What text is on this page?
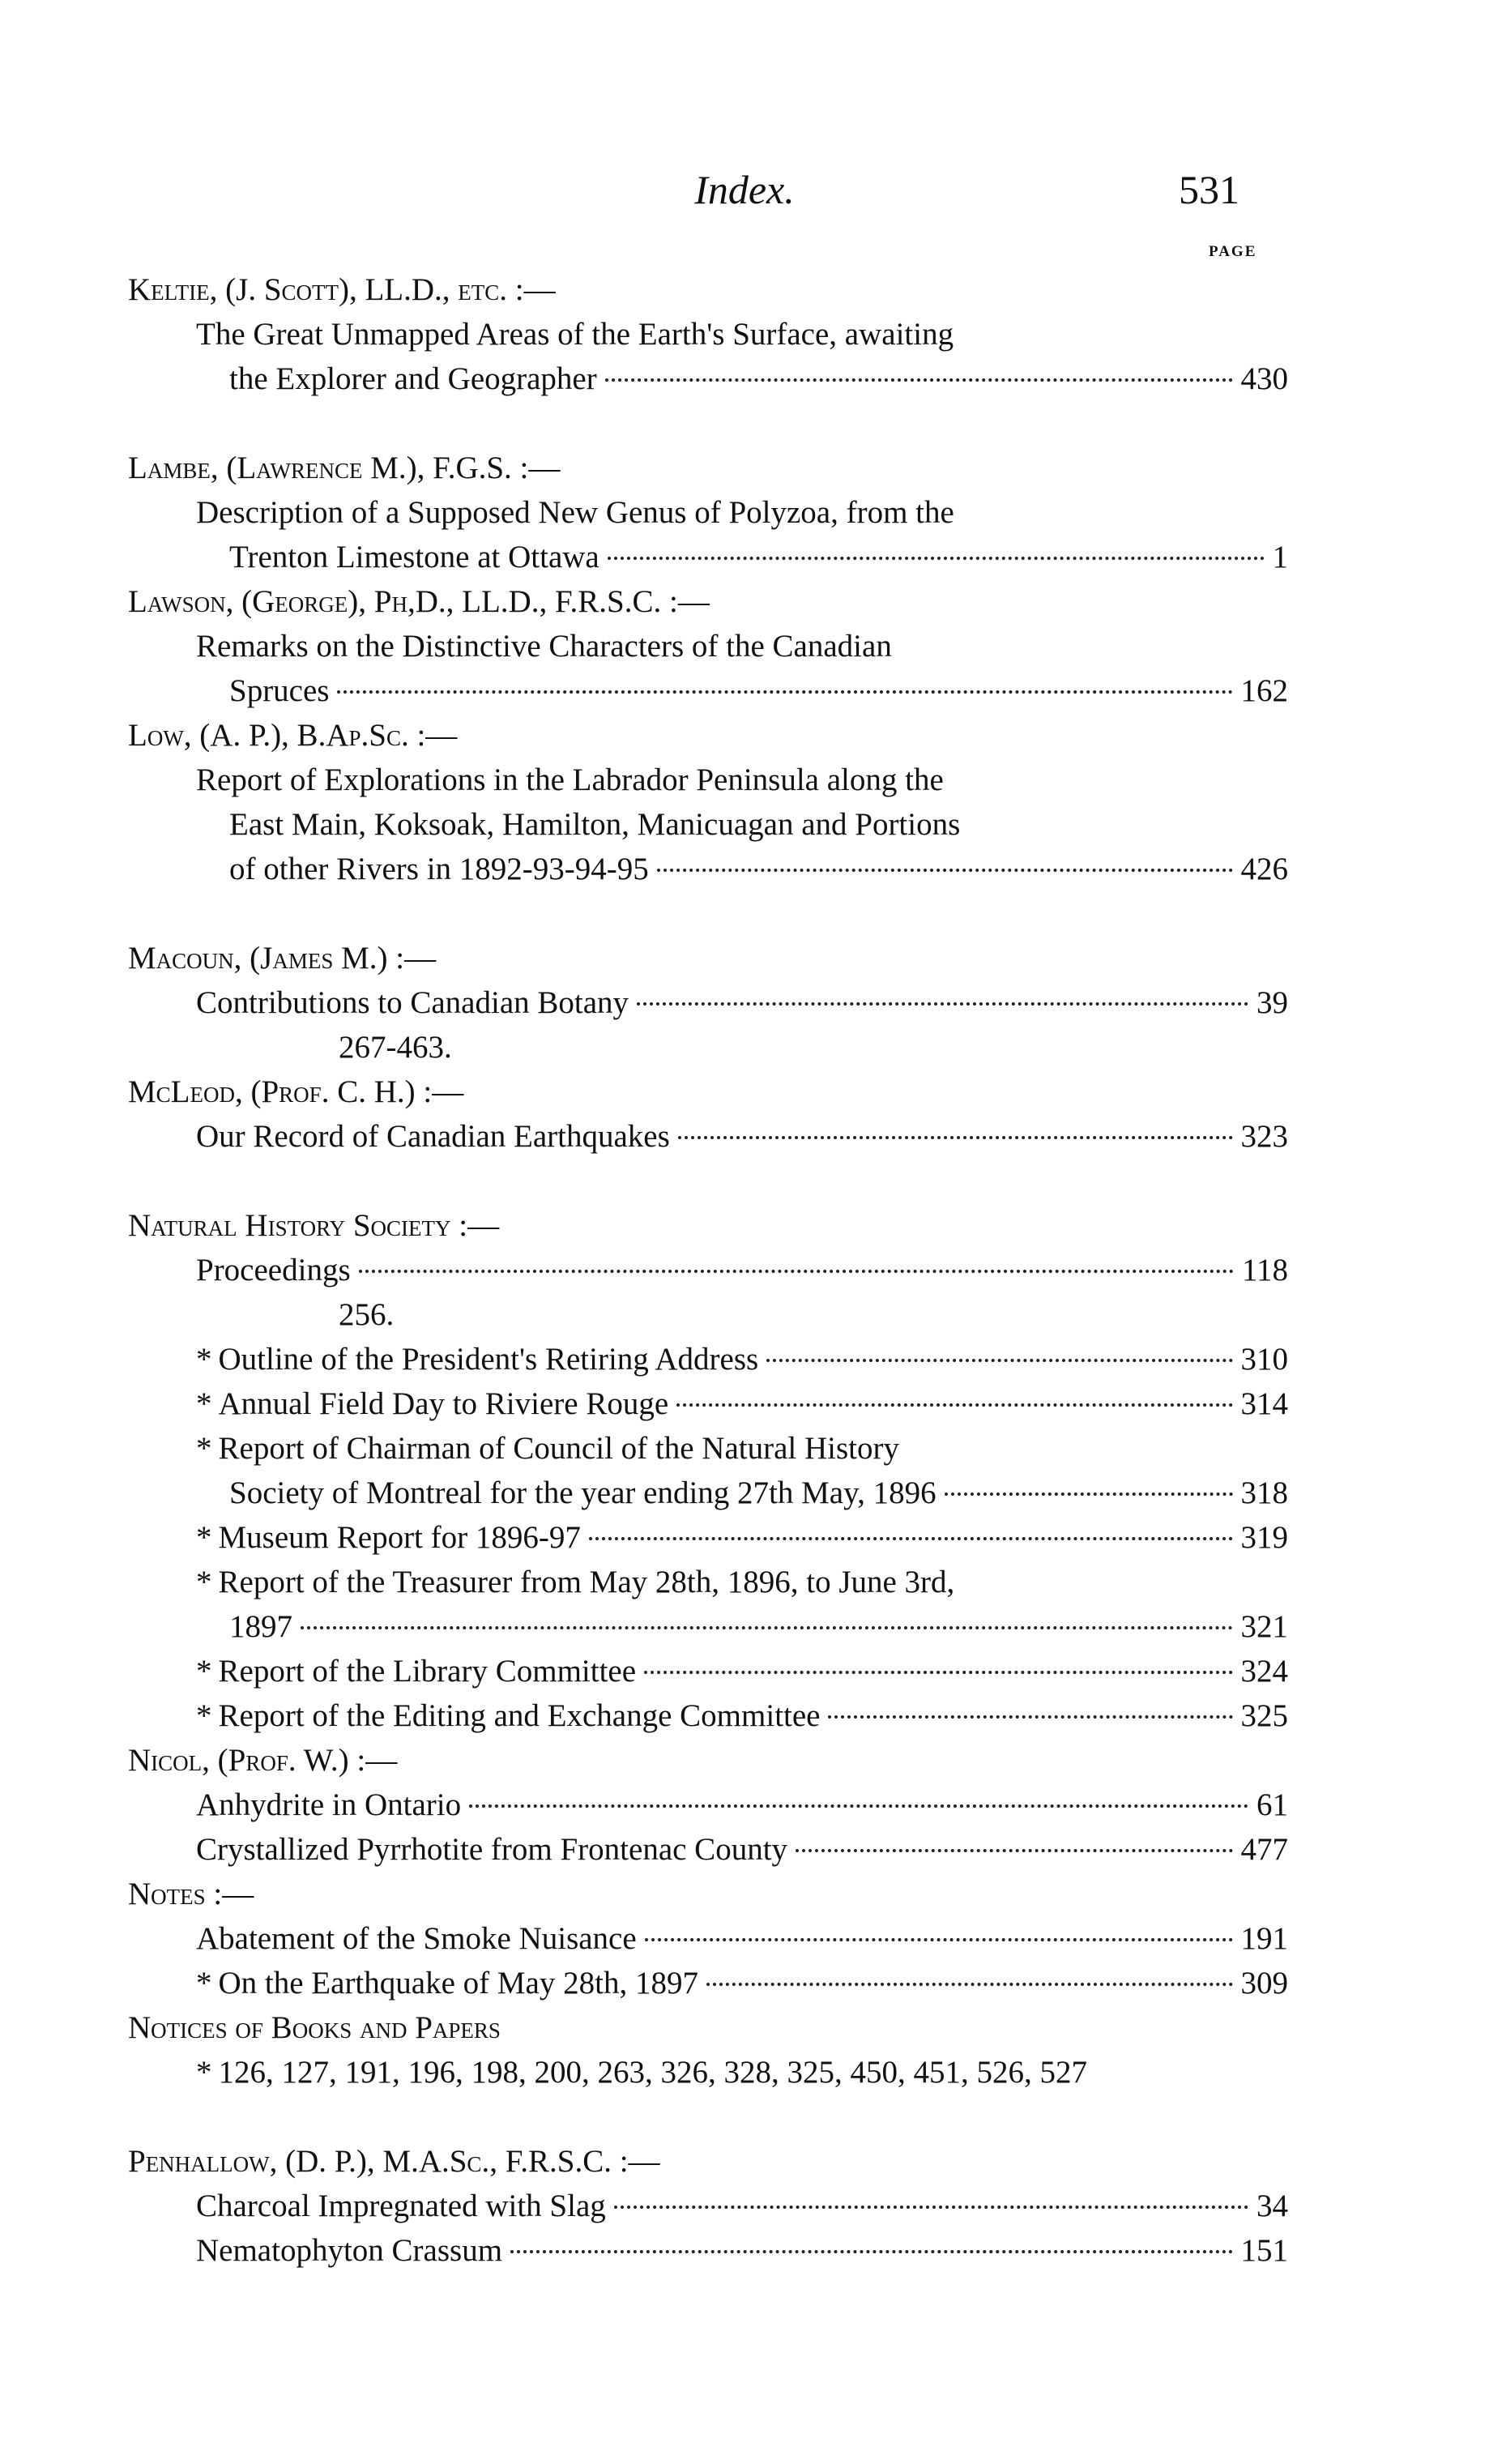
Index.	531
PAGE
Keltie, (J. Scott), LL.D., etc. :—
The Great Unmapped Areas of the Earth's Surface, awaiting
the Explorer and Geographer	430
Lambe, (Lawrence M.), F.G.S. :—
Description of a Supposed New Genus of Polyzoa, from the
Trenton Limestone at Ottawa	1
Lawson, (George), Ph,D., LL.D., F.R.S.C. :—
Remarks on the Distinctive Characters of the Canadian
Spruces	162
Low, (A. P.), B.Ap.Sc. :—
Report of Explorations in the Labrador Peninsula along the
East Main, Koksoak, Hamilton, Manicuagan and Portions
of other Rivers in 1892-93-94-95	426
Macoun, (James M.) :—
Contributions to Canadian Botany	39
267-463.
McLeod, (Prof. C. H.) :—
Our Record of Canadian Earthquakes	323
Natural History Society :—
Proceedings	118
256.
* Outline of the President's Retiring Address	310
* Annual Field Day to Riviere Rouge	314
* Report of Chairman of Council of the Natural History
Society of Montreal for the year ending 27th May, 1896	318
* Museum Report for 1896-97	319
* Report of the Treasurer from May 28th, 1896, to June 3rd,
1897	321
* Report of the Library Committee	324
* Report of the Editing and Exchange Committee	325
Nicol, (Prof. W.) :—
Anhydrite in Ontario	61
Crystallized Pyrrhotite from Frontenac County	477
Notes :—
Abatement of the Smoke Nuisance	191
* On the Earthquake of May 28th, 1897	309
Notices of Books and Papers
* 126, 127, 191, 196, 198, 200, 263, 326, 328, 325, 450, 451, 526, 527
Penhallow, (D. P.), M.A.Sc., F.R.S.C. :—
Charcoal Impregnated with Slag	34
Nematophyton Crassum	151
